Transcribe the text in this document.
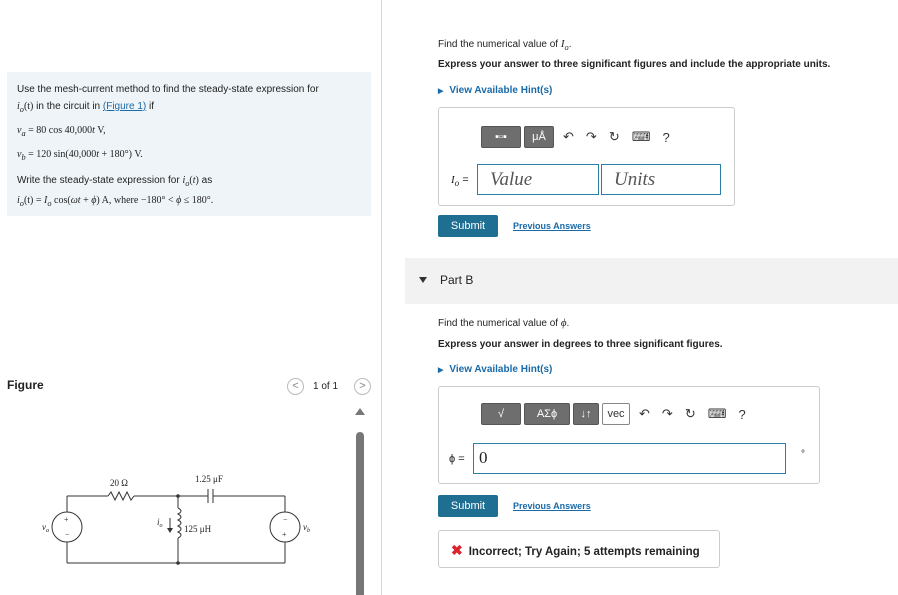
Use the mesh-current method to find the steady-state expression for
$i_o(t)$ in the circuit in (Figure 1) if
$v_a = 80$ cos 40,000t V,
$v_b = 120$ sin(40,000t + 180°) V.
Write the steady-state expression for $i_o(t)$ as
$i_o(t) = I_o$ cos(ωt + ϕ) A, where −180° < ϕ ≤ 180°.
Figure	<	1 of 1	>
20 Ω	1.25 μF
125 μH
$v_a$	$v_b$
$i_o$
+
−
−
+
Find the numerical value of $I_o$.
Express your answer to three significant figures and include the appropriate units.
▶ View Available Hint(s)
▪▫▪	μÅ	↶ ↷ ↻ ⌨ ?
$I_o$ =	Value	Units
Submit	Previous Answers
Part B
Find the numerical value of ϕ.
Express your answer in degrees to three significant figures.
▶ View Available Hint(s)
√	ΑΣϕ	↓↑	vec	↶ ↷ ↻ ⌨ ?
ϕ = 0	°
Submit	Previous Answers
✖ Incorrect; Try Again; 5 attempts remaining
